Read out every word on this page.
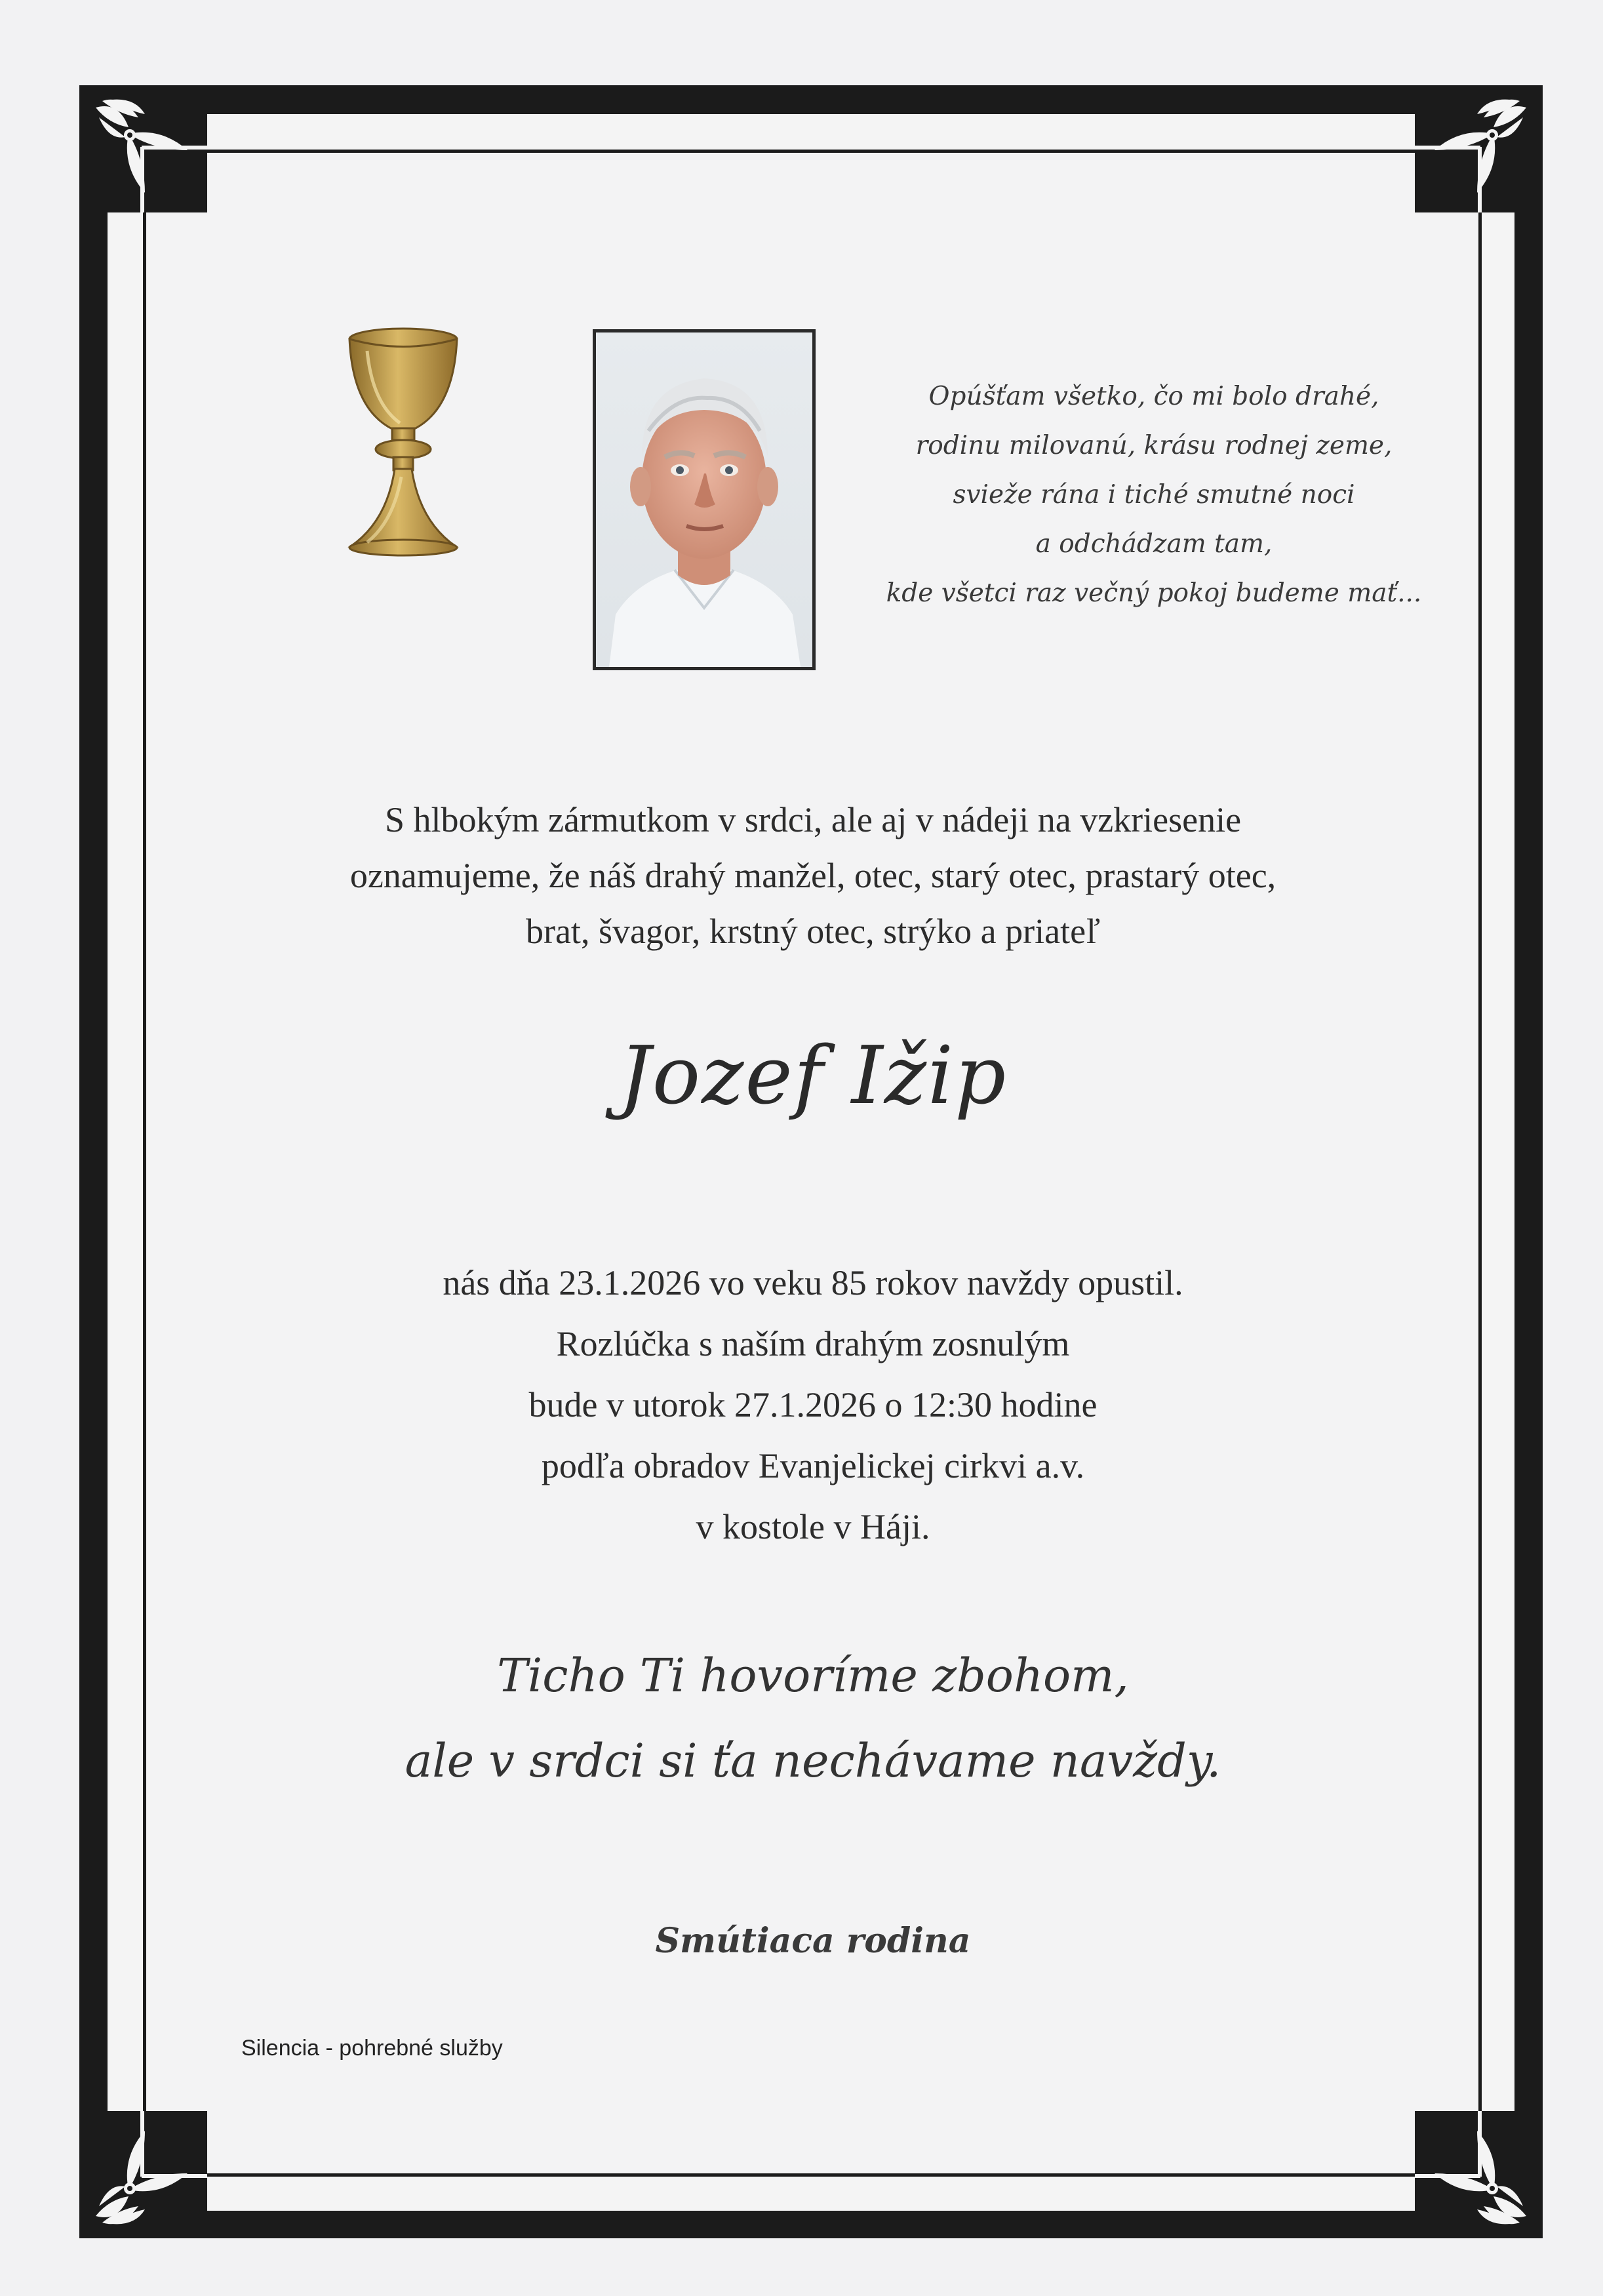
Opúšťam všetko, čo mi bolo drahé,
rodinu milovanú, krásu rodnej zeme,
svieže rána i tiché smutné noci
a odchádzam tam,
kde všetci raz večný pokoj budeme mať...
S hlbokým zármutkom v srdci, ale aj v nádeji na vzkriesenie
oznamujeme, že náš drahý manžel, otec, starý otec, prastarý otec,
brat, švagor, krstný otec, strýko a priateľ
Jozef Ižip
nás dňa 23.1.2026 vo veku 85 rokov navždy opustil.
Rozlúčka s naším drahým zosnulým
bude v utorok 27.1.2026 o 12:30 hodine
podľa obradov Evanjelickej cirkvi a.v.
v kostole v Háji.
Ticho Ti hovoríme zbohom,
ale v srdci si ťa nechávame navždy.
Smútiaca rodina
Silencia - pohrebné služby
